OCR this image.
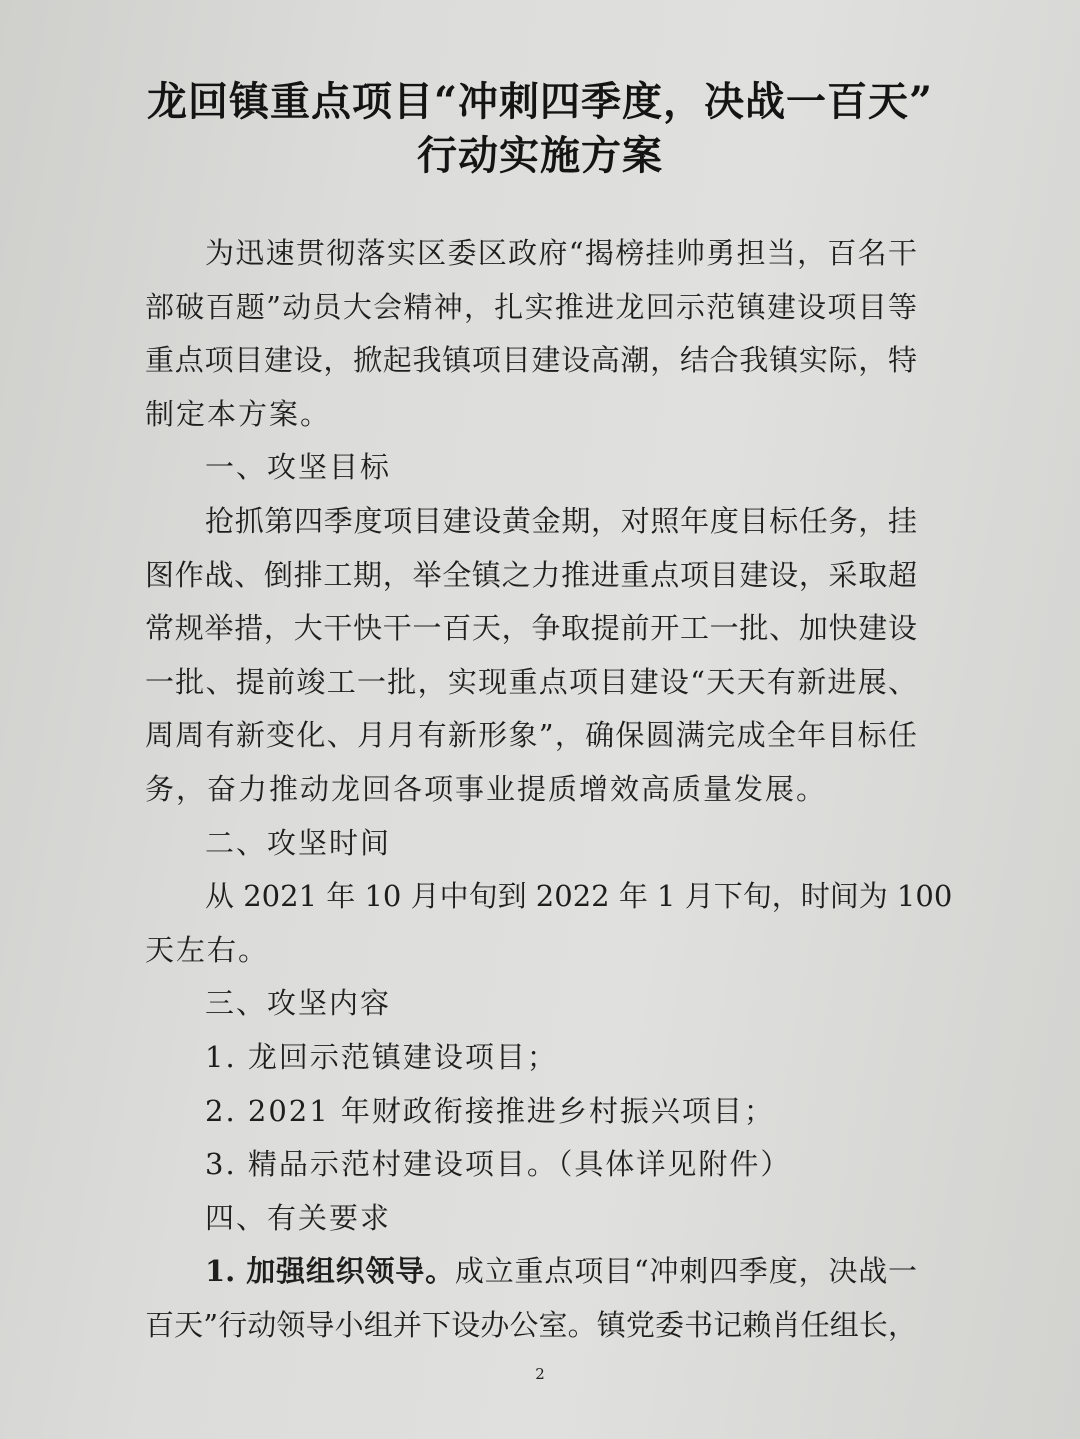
龙回镇重点项目“冲刺四季度，决战一百天”
行动实施方案
为迅速贯彻落实区委区政府“揭榜挂帅勇担当，百名干
部破百题”动员大会精神，扎实推进龙回示范镇建设项目等
重点项目建设，掀起我镇项目建设高潮，结合我镇实际，特
制定本方案。
一、攻坚目标
抢抓第四季度项目建设黄金期，对照年度目标任务，挂
图作战、倒排工期，举全镇之力推进重点项目建设，采取超
常规举措，大干快干一百天，争取提前开工一批、加快建设
一批、提前竣工一批，实现重点项目建设“天天有新进展、
周周有新变化、月月有新形象”，确保圆满完成全年目标任
务，奋力推动龙回各项事业提质增效高质量发展。
二、攻坚时间
从 2021 年 10 月中旬到 2022 年 1 月下旬，时间为 100
天左右。
三、攻坚内容
1. 龙回示范镇建设项目；
2. 2021 年财政衔接推进乡村振兴项目；
3. 精品示范村建设项目。（具体详见附件）
四、有关要求
1. 加强组织领导。成立重点项目“冲刺四季度，决战一
百天”行动领导小组并下设办公室。镇党委书记赖肖任组长，
2
